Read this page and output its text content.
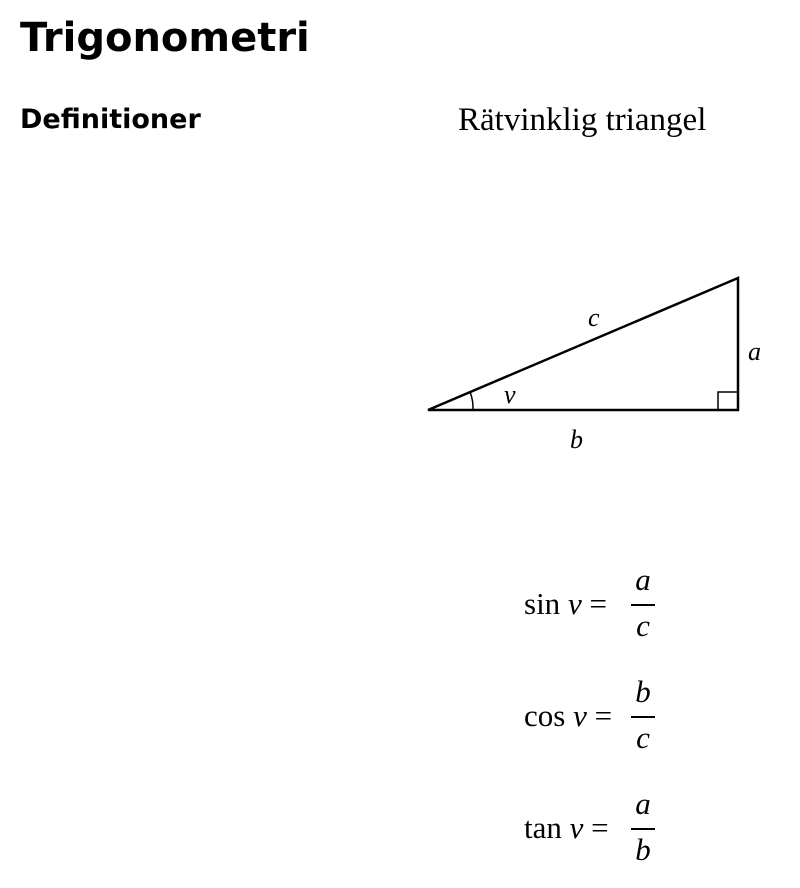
Trigonometri
Definitioner	Rätvinklig triangel
c
a
b
v
sin v =
a
c
cos v =
b
c
tan v =
a
b
